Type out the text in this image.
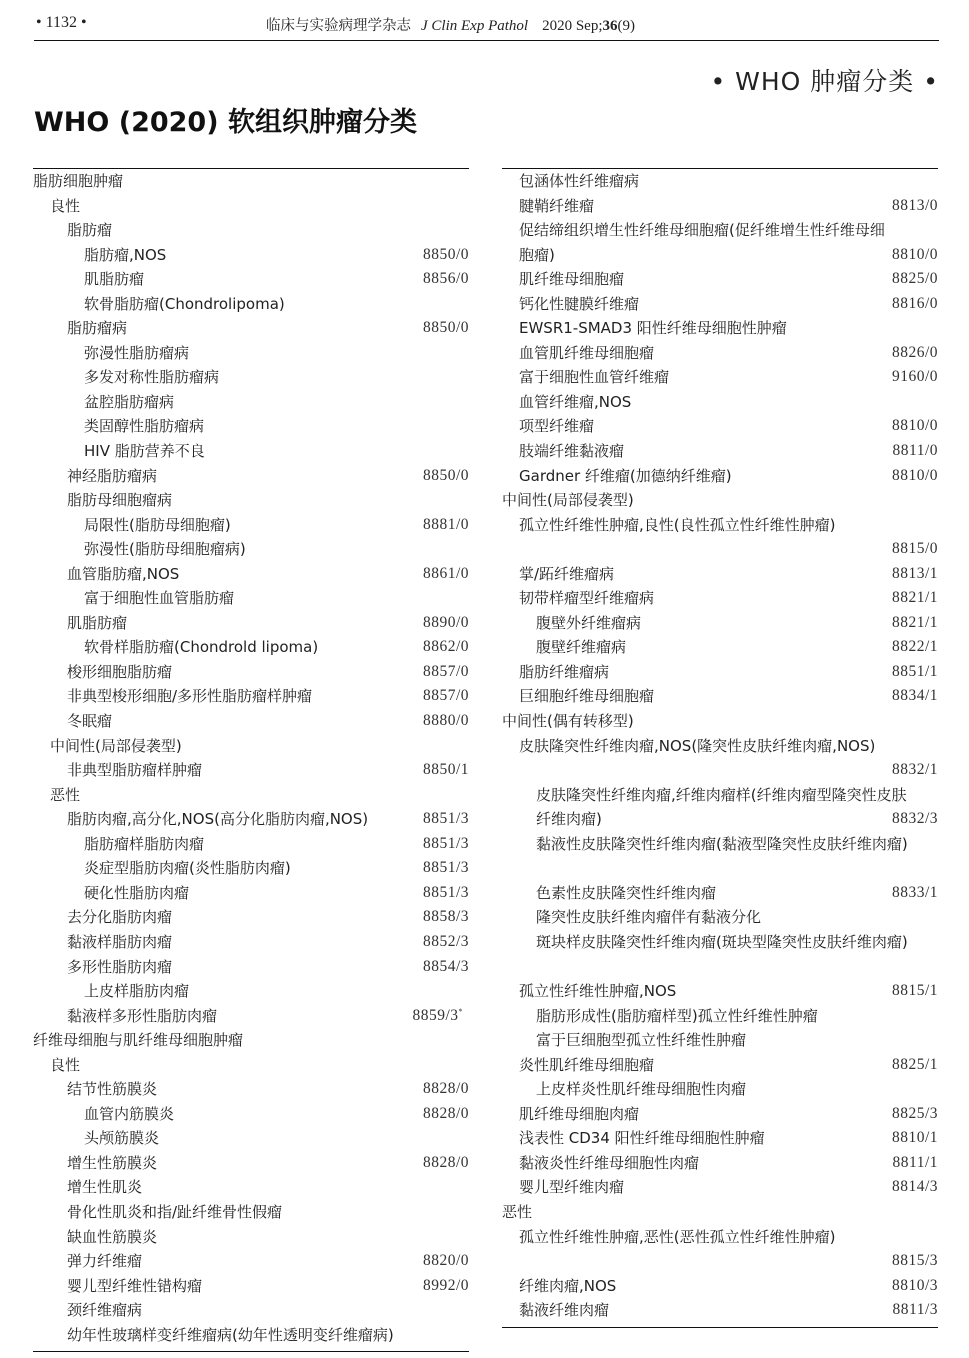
• 1132 •	临床与实验病理学杂志 J Clin Exp Pathol 2020 Sep;36(9)
• WHO 肿瘤分类 •
WHO (2020) 软组织肿瘤分类
脂肪细胞肿瘤
良性
脂肪瘤
脂肪瘤,NOS	8850/0
肌脂肪瘤	8856/0
软骨脂肪瘤(Chondrolipoma)
脂肪瘤病	8850/0
弥漫性脂肪瘤病
多发对称性脂肪瘤病
盆腔脂肪瘤病
类固醇性脂肪瘤病
HIV 脂肪营养不良
神经脂肪瘤病	8850/0
脂肪母细胞瘤病
局限性(脂肪母细胞瘤)	8881/0
弥漫性(脂肪母细胞瘤病)
血管脂肪瘤,NOS	8861/0
富于细胞性血管脂肪瘤
肌脂肪瘤	8890/0
软骨样脂肪瘤(Chondrold lipoma)	8862/0
梭形细胞脂肪瘤	8857/0
非典型梭形细胞/多形性脂肪瘤样肿瘤	8857/0
冬眠瘤	8880/0
中间性(局部侵袭型)
非典型脂肪瘤样肿瘤	8850/1
恶性
脂肪肉瘤,高分化,NOS(高分化脂肪肉瘤,NOS)	8851/3
脂肪瘤样脂肪肉瘤	8851/3
炎症型脂肪肉瘤(炎性脂肪肉瘤)	8851/3
硬化性脂肪肉瘤	8851/3
去分化脂肪肉瘤	8858/3
黏液样脂肪肉瘤	8852/3
多形性脂肪肉瘤	8854/3
上皮样脂肪肉瘤
黏液样多形性脂肪肉瘤	8859/3*
纤维母细胞与肌纤维母细胞肿瘤
良性
结节性筋膜炎	8828/0
血管内筋膜炎	8828/0
头颅筋膜炎
增生性筋膜炎	8828/0
增生性肌炎
骨化性肌炎和指/趾纤维骨性假瘤
缺血性筋膜炎
弹力纤维瘤	8820/0
婴儿型纤维性错构瘤	8992/0
颈纤维瘤病
幼年性玻璃样变纤维瘤病(幼年性透明变纤维瘤病)
包涵体性纤维瘤病
腱鞘纤维瘤	8813/0
促结缔组织增生性纤维母细胞瘤(促纤维增生性纤维母细胞瘤)	8810/0
肌纤维母细胞瘤	8825/0
钙化性腱膜纤维瘤	8816/0
EWSR1-SMAD3 阳性纤维母细胞性肿瘤
血管肌纤维母细胞瘤	8826/0
富于细胞性血管纤维瘤	9160/0
血管纤维瘤,NOS
项型纤维瘤	8810/0
肢端纤维黏液瘤	8811/0
Gardner 纤维瘤(加德纳纤维瘤)	8810/0
中间性(局部侵袭型)
孤立性纤维性肿瘤,良性(良性孤立性纤维性肿瘤)
8815/0
掌/跖纤维瘤病	8813/1
韧带样瘤型纤维瘤病	8821/1
腹壁外纤维瘤病	8821/1
腹壁纤维瘤病	8822/1
脂肪纤维瘤病	8851/1
巨细胞纤维母细胞瘤	8834/1
中间性(偶有转移型)
皮肤隆突性纤维肉瘤,NOS(隆突性皮肤纤维肉瘤,NOS)
8832/1
皮肤隆突性纤维肉瘤,纤维肉瘤样(纤维肉瘤型隆突性皮肤纤维肉瘤)	8832/3
黏液性皮肤隆突性纤维肉瘤(黏液型隆突性皮肤纤维肉瘤)
色素性皮肤隆突性纤维肉瘤	8833/1
隆突性皮肤纤维肉瘤伴有黏液分化
斑块样皮肤隆突性纤维肉瘤(斑块型隆突性皮肤纤维肉瘤)
孤立性纤维性肿瘤,NOS	8815/1
脂肪形成性(脂肪瘤样型)孤立性纤维性肿瘤
富于巨细胞型孤立性纤维性肿瘤
炎性肌纤维母细胞瘤	8825/1
上皮样炎性肌纤维母细胞性肉瘤
肌纤维母细胞肉瘤	8825/3
浅表性 CD34 阳性纤维母细胞性肿瘤	8810/1
黏液炎性纤维母细胞性肉瘤	8811/1
婴儿型纤维肉瘤	8814/3
恶性
孤立性纤维性肿瘤,恶性(恶性孤立性纤维性肿瘤)
8815/3
纤维肉瘤,NOS	8810/3
黏液纤维肉瘤	8811/3
